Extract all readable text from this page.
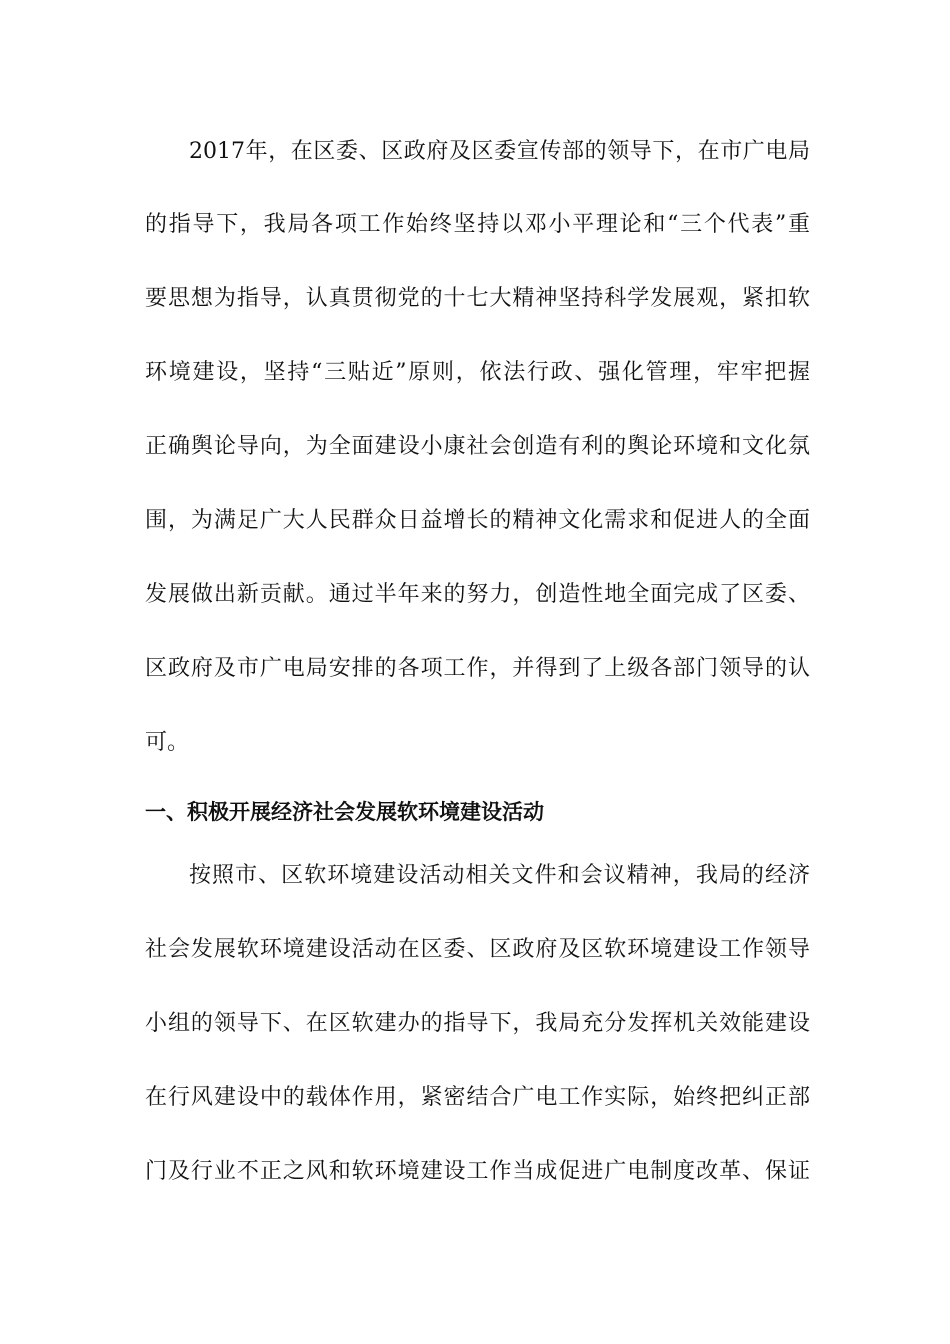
2017年，在区委、区政府及区委宣传部的领导下，在市广电局

的指导下，我局各项工作始终坚持以邓小平理论和“三个代表”重

要思想为指导，认真贯彻党的十七大精神坚持科学发展观，紧扣软

环境建设，坚持“三贴近”原则，依法行政、强化管理，牢牢把握

正确舆论导向，为全面建设小康社会创造有利的舆论环境和文化氛

围，为满足广大人民群众日益增长的精神文化需求和促进人的全面

发展做出新贡献。通过半年来的努力，创造性地全面完成了区委、

区政府及市广电局安排的各项工作，并得到了上级各部门领导的认

可。

一、积极开展经济社会发展软环境建设活动

按照市、区软环境建设活动相关文件和会议精神，我局的经济

社会发展软环境建设活动在区委、区政府及区软环境建设工作领导

小组的领导下、在区软建办的指导下，我局充分发挥机关效能建设

在行风建设中的载体作用，紧密结合广电工作实际，始终把纠正部

门及行业不正之风和软环境建设工作当成促进广电制度改革、保证
